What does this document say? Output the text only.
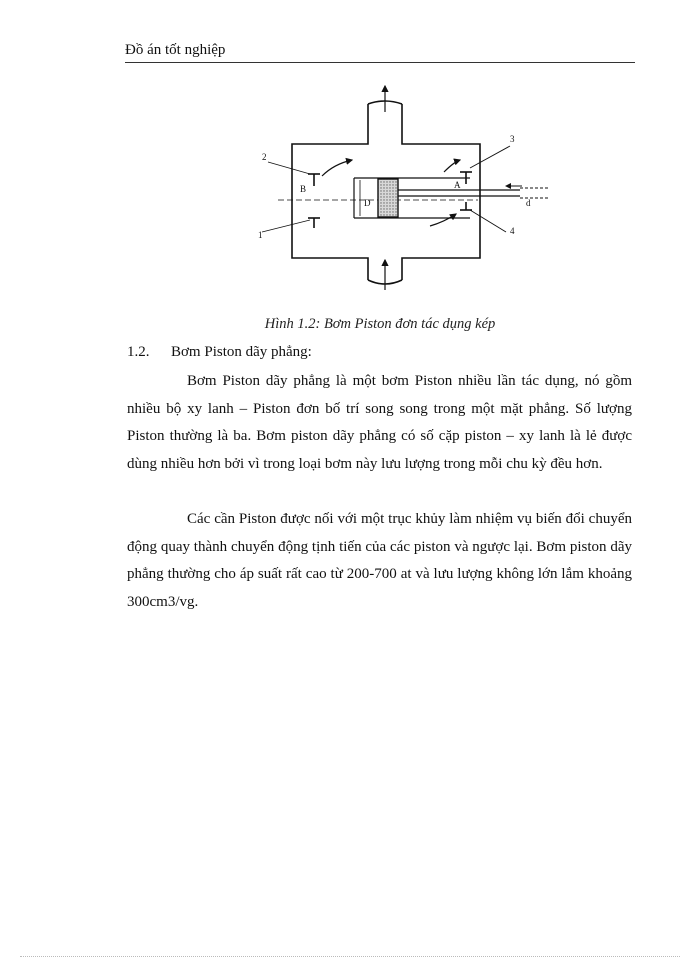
Đồ án tốt nghiệp
2
1
3
4
B	A
D	d
Hình 1.2: Bơm Piston đơn tác dụng kép
1.2. Bơm Piston dãy phẳng:

Bơm Piston dãy phẳng là một bơm Piston nhiều lần tác dụng, nó gồm nhiều bộ xy lanh – Piston đơn bố trí song song trong một mặt phẳng. Số lượng Piston thường là ba. Bơm piston dãy phẳng có số cặp piston – xy lanh là lẻ được dùng nhiều hơn bởi vì trong loại bơm này lưu lượng trong mỗi chu kỳ đều hơn.

Các cần Piston được nối với một trục khủy làm nhiệm vụ biến đổi chuyển động quay thành chuyển động tịnh tiến của các piston và ngược lại. Bơm piston dãy phẳng thường cho áp suất rất cao từ 200-700 at và lưu lượng không lớn lắm khoảng 300cm3/vg.
